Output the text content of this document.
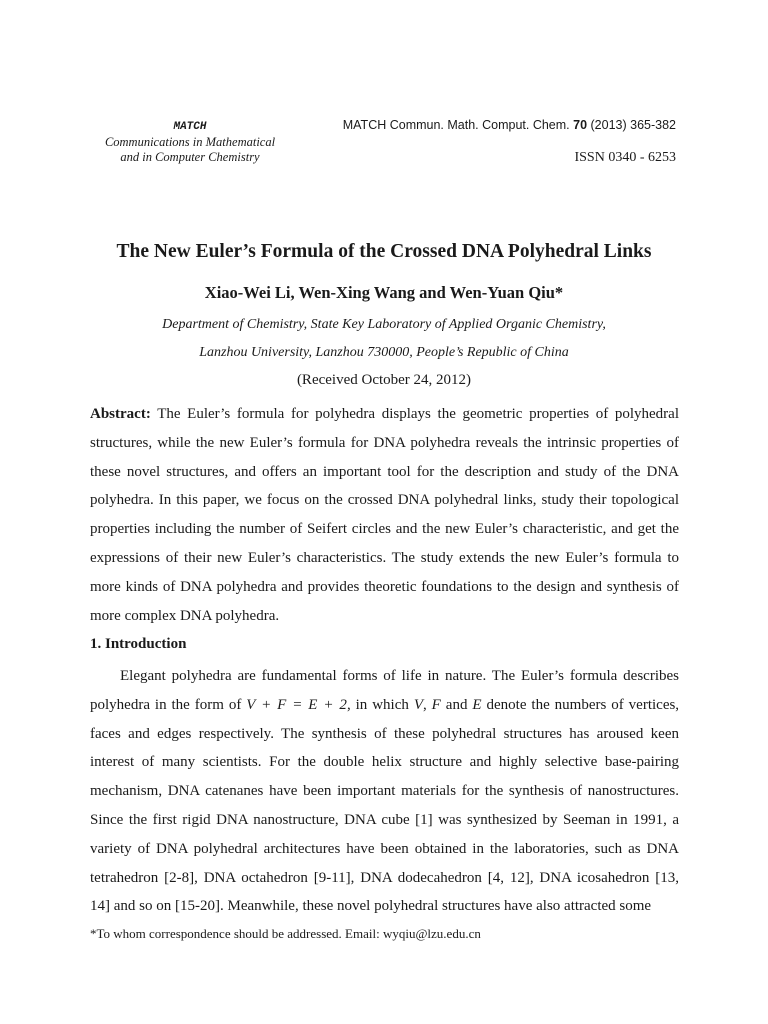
MATCH
Communications in Mathematical
and in Computer Chemistry
MATCH Commun. Math. Comput. Chem. 70 (2013) 365-382
ISSN 0340 - 6253
The New Euler’s Formula of the Crossed DNA Polyhedral Links
Xiao-Wei Li, Wen-Xing Wang and Wen-Yuan Qiu*
Department of Chemistry, State Key Laboratory of Applied Organic Chemistry,
Lanzhou University, Lanzhou 730000, People’s Republic of China
(Received October 24, 2012)

Abstract: The Euler’s formula for polyhedra displays the geometric properties of polyhedral structures, while the new Euler’s formula for DNA polyhedra reveals the intrinsic properties of these novel structures, and offers an important tool for the description and study of the DNA polyhedra. In this paper, we focus on the crossed DNA polyhedral links, study their topological properties including the number of Seifert circles and the new Euler’s characteristic, and get the expressions of their new Euler’s characteristics. The study extends the new Euler’s formula to more kinds of DNA polyhedra and provides theoretic foundations to the design and synthesis of more complex DNA polyhedra.

1. Introduction

Elegant polyhedra are fundamental forms of life in nature. The Euler’s formula describes polyhedra in the form of V + F = E + 2, in which V, F and E denote the numbers of vertices, faces and edges respectively. The synthesis of these polyhedral structures has aroused keen interest of many scientists. For the double helix structure and highly selective base-pairing mechanism, DNA catenanes have been important materials for the synthesis of nanostructures. Since the first rigid DNA nanostructure, DNA cube [1] was synthesized by Seeman in 1991, a variety of DNA polyhedral architectures have been obtained in the laboratories, such as DNA tetrahedron [2-8], DNA octahedron [9-11], DNA dodecahedron [4, 12], DNA icosahedron [13, 14] and so on [15-20]. Meanwhile, these novel polyhedral structures have also attracted some

*To whom correspondence should be addressed. Email: wyqiu@lzu.edu.cn
